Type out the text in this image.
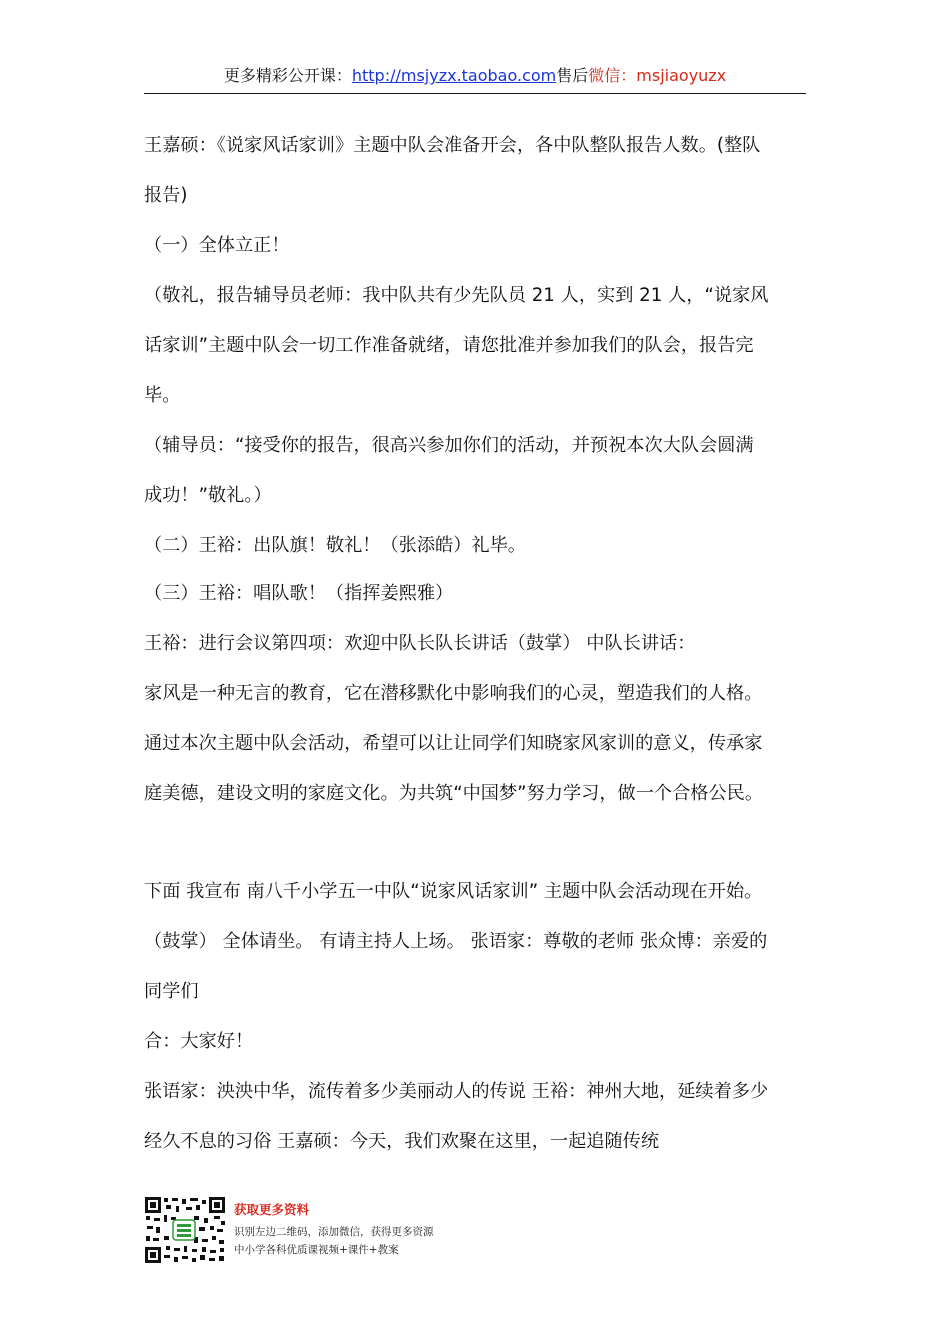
更多精彩公开课：http://msjyzx.taobao.com售后微信：msjiaoyuzx
王嘉硕：《说家风话家训》主题中队会准备开会，各中队整队报告人数。(整队
报告)
（一）全体立正！
（敬礼，报告辅导员老师：我中队共有少先队员 21 人，实到 21 人，“说家风
话家训”主题中队会一切工作准备就绪，请您批准并参加我们的队会，报告完
毕。
（辅导员：“接受你的报告，很高兴参加你们的活动，并预祝本次大队会圆满
成功！”敬礼。）
（二）王裕：出队旗！敬礼！（张添皓）礼毕。
（三）王裕：唱队歌！（指挥姜熙雅）
王裕：进行会议第四项：欢迎中队长队长讲话（鼓掌） 中队长讲话：
家风是一种无言的教育，它在潜移默化中影响我们的心灵，塑造我们的人格。
通过本次主题中队会活动，希望可以让让同学们知晓家风家训的意义，传承家
庭美德，建设文明的家庭文化。为共筑“中国梦”努力学习，做一个合格公民。
下面 我宣布 南八千小学五一中队“说家风话家训” 主题中队会活动现在开始。
（鼓掌） 全体请坐。 有请主持人上场。 张语家：尊敬的老师 张众博：亲爱的
同学们
合：大家好！
张语家：泱泱中华，流传着多少美丽动人的传说 王裕：神州大地，延续着多少
经久不息的习俗 王嘉硕：今天，我们欢聚在这里，一起追随传统
获取更多资料
识别左边二维码，添加微信，获得更多资源
中小学各科优质课视频+课件+教案
